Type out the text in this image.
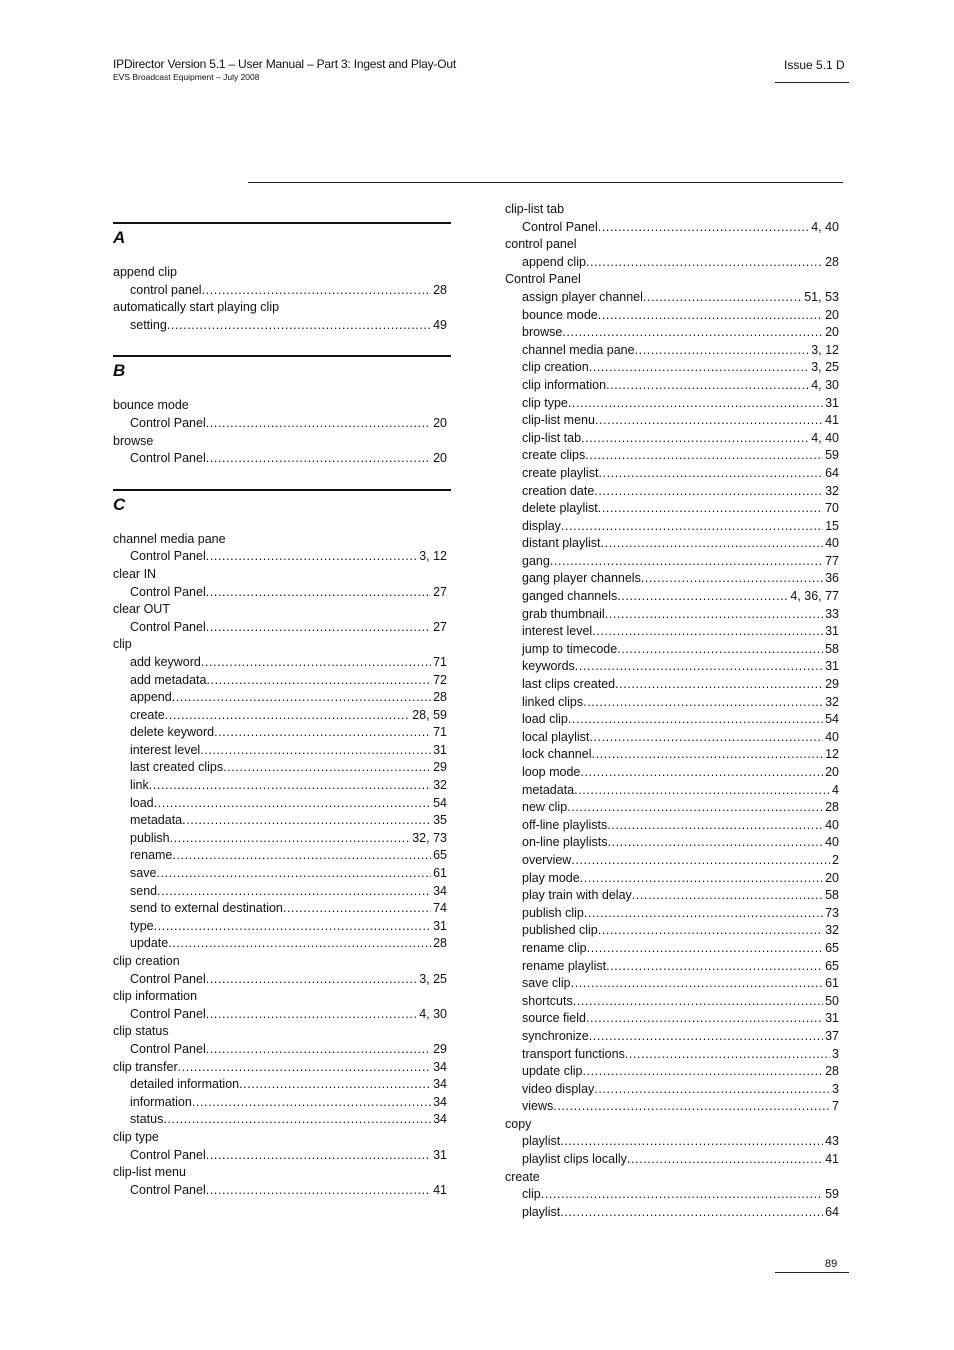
IPDirector Version 5.1 – User Manual – Part 3: Ingest and Play-Out
EVS Broadcast Equipment – July 2008
Issue 5.1 D
A
append clip
control panel .....	28
automatically start playing clip
setting .....	49
B
bounce mode
Control Panel .....	20
browse
Control Panel .....	20
C
channel media pane
Control Panel .....	3, 12
clear IN
Control Panel .....	27
clear OUT
Control Panel .....	27
clip
add keyword .....	71
add metadata .....	72
append .....	28
create .....	28, 59
delete keyword .....	71
interest level .....	31
last created clips .....	29
link .....	32
load .....	54
metadata .....	35
publish .....	32, 73
rename .....	65
save .....	61
send .....	34
send to external destination .....	74
type .....	31
update .....	28
clip creation
Control Panel .....	3, 25
clip information
Control Panel .....	4, 30
clip status
Control Panel .....	29
clip transfer .....	34
detailed information .....	34
information .....	34
status .....	34
clip type
Control Panel .....	31
clip-list menu
Control Panel .....	41
clip-list tab
Control Panel .....	4, 40
control panel
append clip .....	28
Control Panel
assign player channel .....	51, 53
bounce mode .....	20
browse .....	20
channel media pane .....	3, 12
clip creation .....	3, 25
clip information .....	4, 30
clip type .....	31
clip-list menu .....	41
clip-list tab .....	4, 40
create clips .....	59
create playlist .....	64
creation date .....	32
delete playlist .....	70
display .....	15
distant playlist .....	40
gang .....	77
gang player channels .....	36
ganged channels .....	4, 36, 77
grab thumbnail .....	33
interest level .....	31
jump to timecode .....	58
keywords .....	31
last clips created .....	29
linked clips .....	32
load clip .....	54
local playlist .....	40
lock channel .....	12
loop mode .....	20
metadata .....	4
new clip .....	28
off-line playlists .....	40
on-line playlists .....	40
overview .....	2
play mode .....	20
play train with delay .....	58
publish clip .....	73
published clip .....	32
rename clip .....	65
rename playlist .....	65
save clip .....	61
shortcuts .....	50
source field .....	31
synchronize .....	37
transport functions .....	3
update clip .....	28
video display .....	3
views .....	7
copy
playlist .....	43
playlist clips locally .....	41
create
clip .....	59
playlist .....	64
89
